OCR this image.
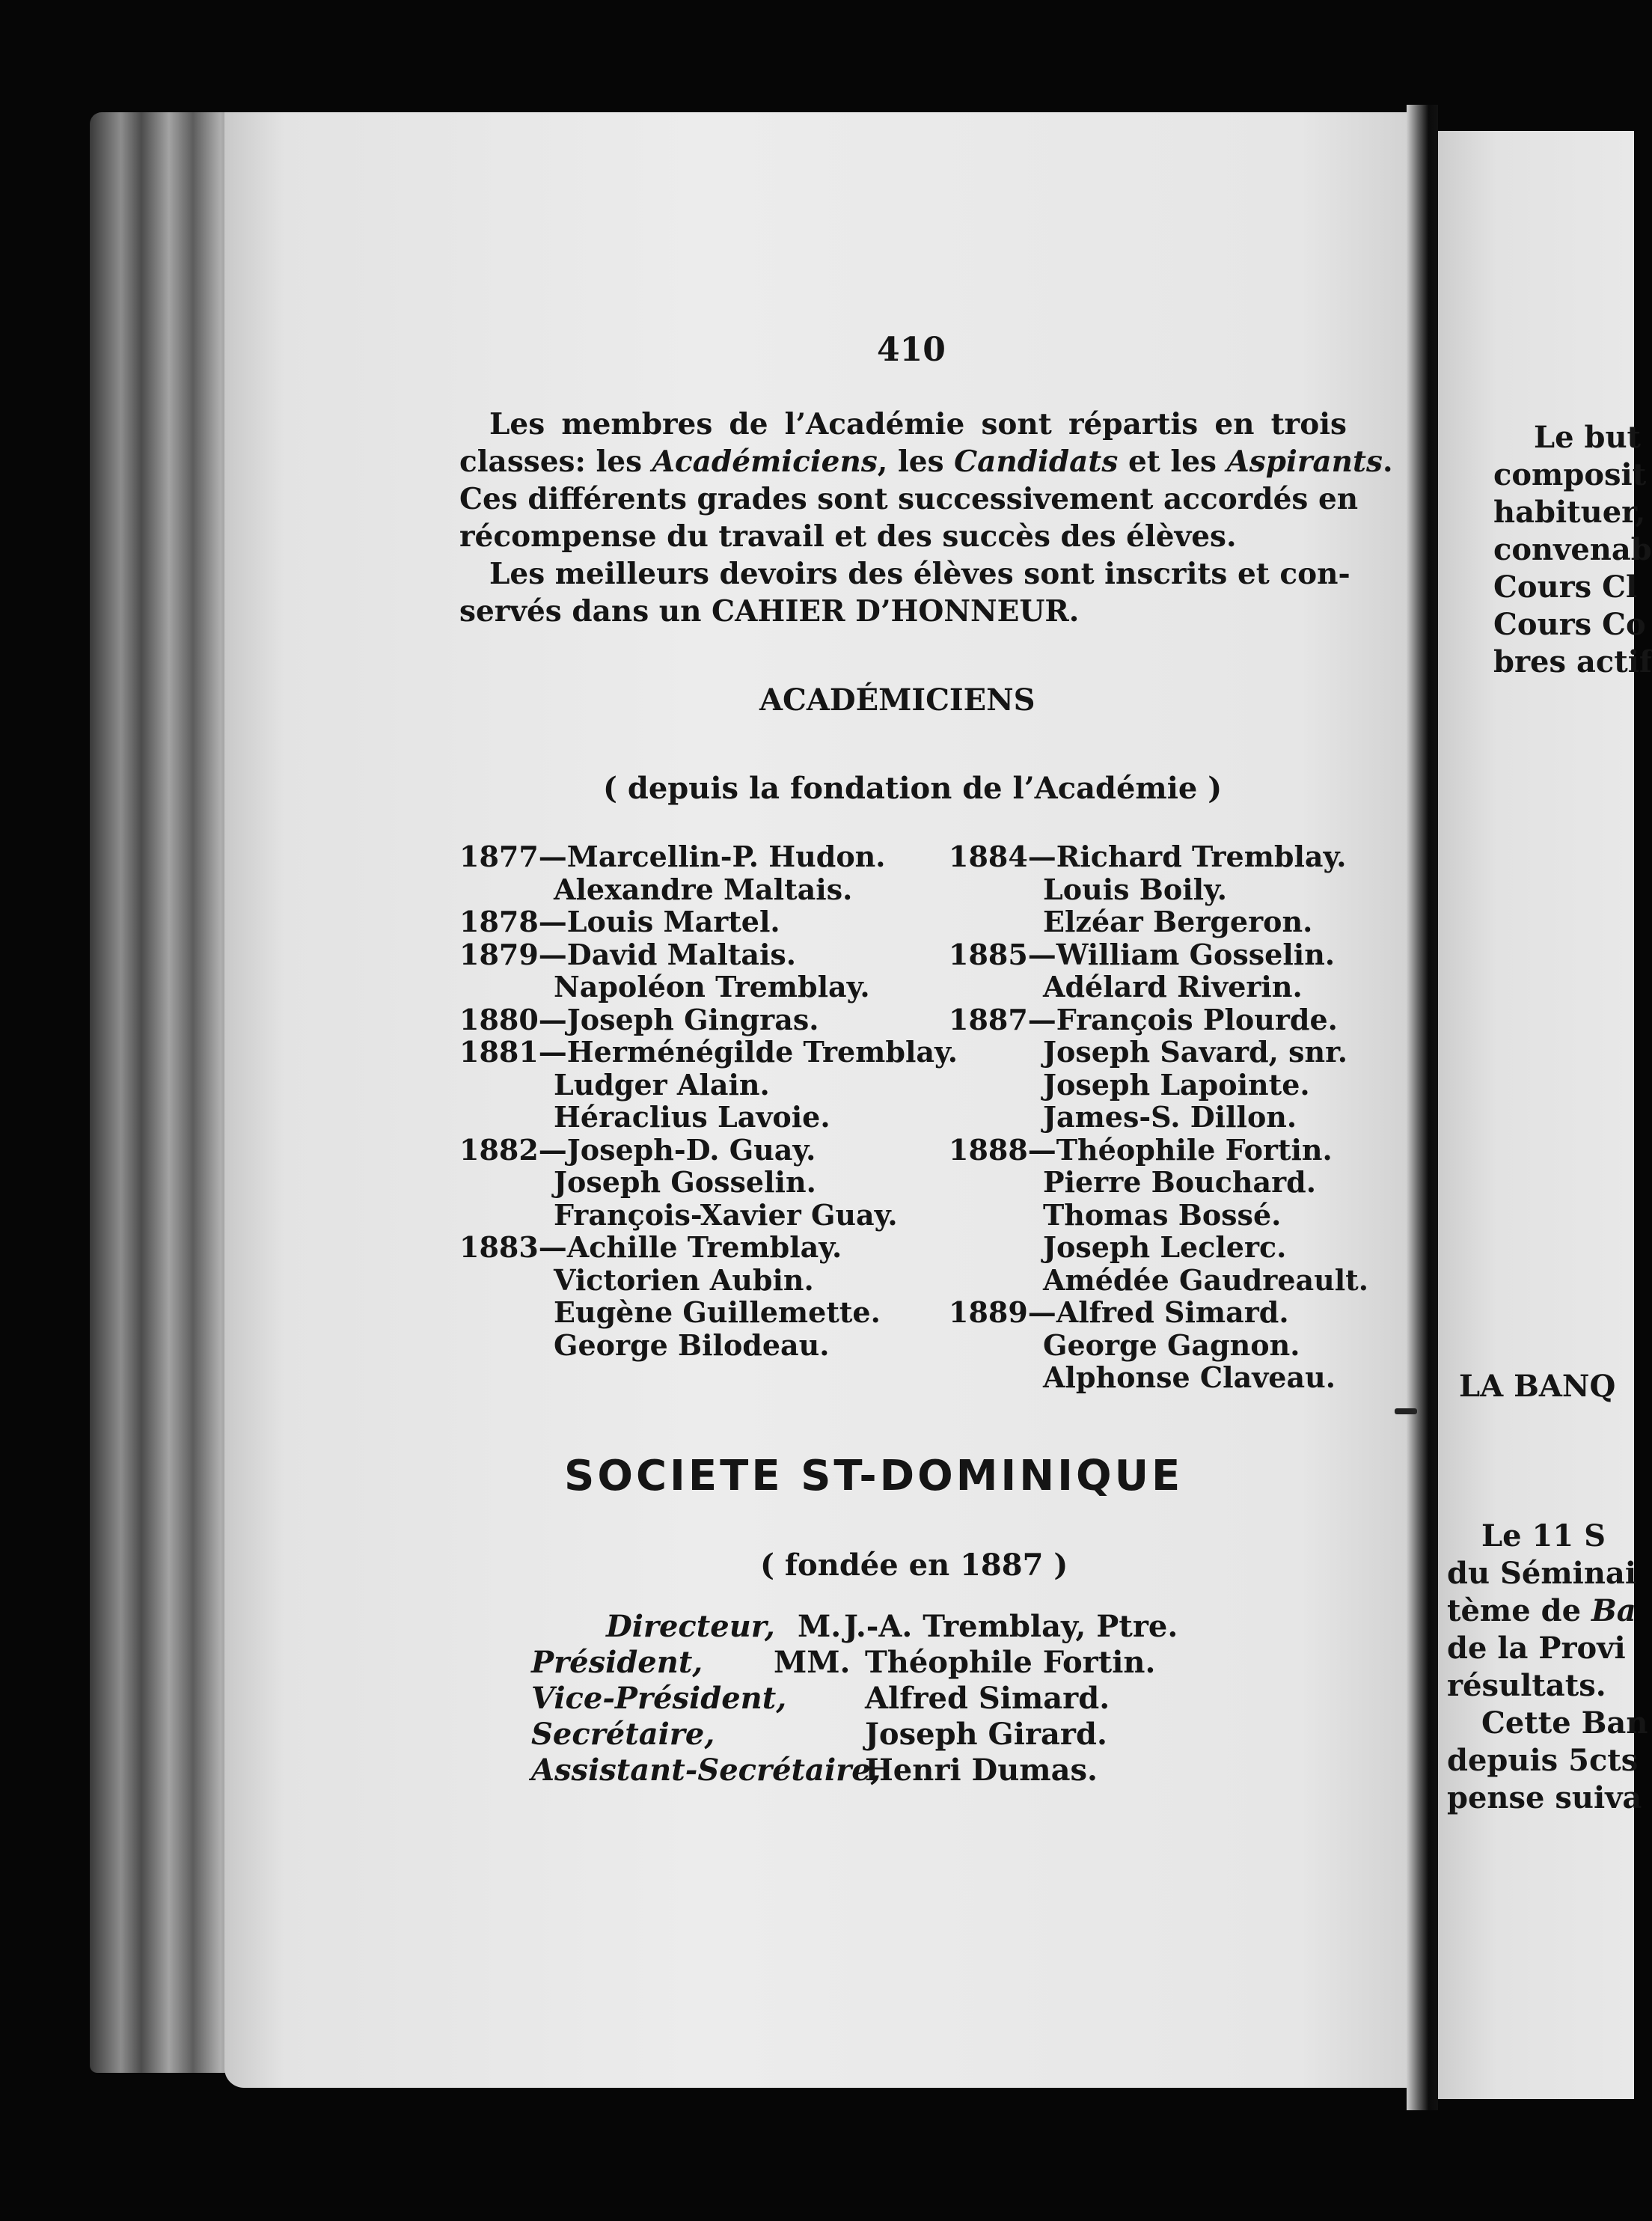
410
Les membres de l’Académie sont répartis en trois
classes: les Académiciens, les Candidats et les Aspirants
Ces différents grades sont successivement accordés en
récompense du travail et des succès des élèves.
Les meilleurs devoirs des élèves sont inscrits et con-
servés dans un CAHIER D’HONNEUR.
ACADÉMICIENS
( depuis la fondation de l’Académie )
1877—Marcellin-P. Hudon.
Alexandre Maltais.
1878—Louis Martel.
1879—David Maltais.
Napoléon Tremblay.
1880—Joseph Gingras.
1881—Herménégilde Tremblay.
Ludger Alain.
Héraclius Lavoie.
1882—Joseph-D. Guay.
Joseph Gosselin.
François-Xavier Guay.
1883—Achille Tremblay.
Victorien Aubin.
Eugène Guillemette.
George Bilodeau.
1884—Richard Tremblay.
Louis Boily.
Elzéar Bergeron.
1885—William Gosselin.
Adélard Riverin.
1887—François Plourde.
Joseph Savard, snr.
Joseph Lapointe.
James-S. Dillon.
1888—Théophile Fortin.
Pierre Bouchard.
Thomas Bossé.
Joseph Leclerc.
Amédée Gaudreault.
1889—Alfred Simard.
George Gagnon.
Alphonse Claveau.
SOCIETE ST-DOMINIQUE
( fondée en 1887 )
Directeur, M. J.-A. Tremblay, Ptre.
Président, MM. Théophile Fortin.
Vice-Président,	Alfred Simard.
Secrétaire,	Joseph Girard.
Assistant-Secrétaire,
Henri Dumas.
Le but
composit
habituer,
convenab
Cours Cl
Cours Co
bres actif
LA BANQ
Le 11 S
du Séminai
tème de Ba
de la Provi
résultats.
Cette Ban
depuis 5cts
pense suiva
